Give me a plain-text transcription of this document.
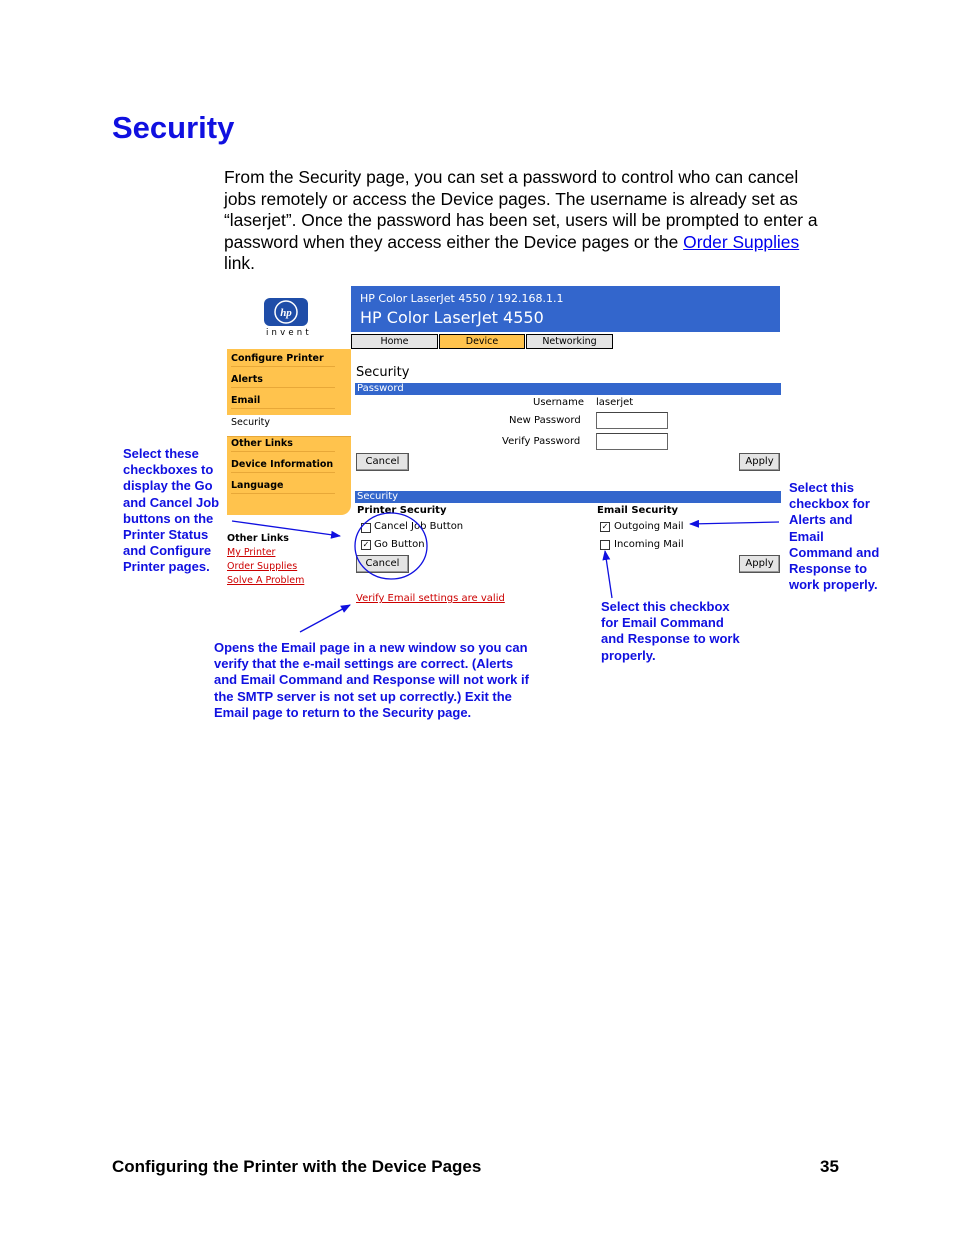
Security
From the Security page, you can set a password to control who can cancel jobs remotely or access the Device pages. The username is already set as “laserjet”. Once the password has been set, users will be prompted to enter a password when they access either the Device pages or the Order Supplies link.
hp
invent
HP Color LaserJet 4550 / 192.168.1.1
HP Color LaserJet 4550
Home	Device	Networking
Configure Printer
Alerts
Email
Security
Other Links
Device Information
Language
Other Links
My Printer
Order Supplies
Solve A Problem
Security
Password
Username laserjet
New Password
Verify Password
Cancel	Apply
Security
Printer Security
Cancel Job Button
✓ Go Button
Cancel
Email Security
✓ Outgoing Mail
Incoming Mail
Apply
Verify Email settings are valid
Select these checkboxes to display the Go and Cancel Job buttons on the Printer Status and Configure Printer pages.
Opens the Email page in a new window so you can verify that the e-mail settings are correct. (Alerts and Email Command and Response will not work if the SMTP server is not set up correctly.) Exit the Email page to return to the Security page.
Select this checkbox for Email Command and Response to work properly.
Select this checkbox for Alerts and Email Command and Response to work properly.
Configuring the Printer with the Device Pages	35
